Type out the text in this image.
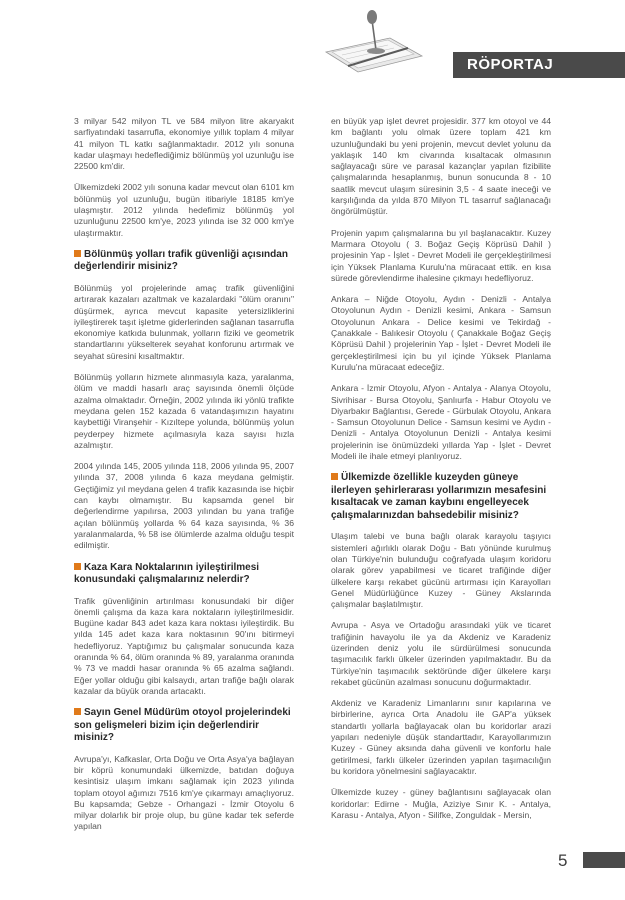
RÖPORTAJ

3 milyar 542 milyon TL ve 584 milyon litre akaryakıt sarfiyatındaki tasarrufla, ekonomiye yıllık toplam 4 milyar 41 milyon TL katkı sağlanmaktadır. 2012 yılı sonuna kadar ulaşmayı hedeflediğimiz bölünmüş yol uzunluğu ise 22500 km'dir.

Ülkemizdeki 2002 yılı sonuna kadar mevcut olan 6101 km bölünmüş yol uzunluğu, bugün itibariyle 18185 km'ye ulaşmıştır. 2012 yılında hedefimiz bölünmüş yol uzunluğunu 22500 km'ye, 2023 yılında ise 32 000 km'ye ulaştırmaktır.

Bölünmüş yolları trafik güvenliği açısından değerlendirir misiniz?

Bölünmüş yol projelerinde amaç trafik güvenliğini artırarak kazaları azaltmak ve kazalardaki "ölüm oranını" düşürmek, ayrıca mevcut kapasite yetersizliklerini iyileştirerek taşıt işletme giderlerinden sağlanan tasarrufla ekonomiye katkıda bulunmak, yolların fiziki ve geometrik standartlarını yükselterek seyahat konforunu artırmak ve seyahat süresini kısaltmaktır.

Bölünmüş yolların hizmete alınmasıyla kaza, yaralanma, ölüm ve maddi hasarlı araç sayısında önemli ölçüde azalma olmaktadır. Örneğin, 2002 yılında iki yönlü trafikte meydana gelen 152 kazada 6 vatandaşımızın hayatını kaybettiği Viranşehir - Kızıltepe yolunda, bölünmüş yolun peyderpey hizmete açılmasıyla kaza sayısı hızla azalmıştır.

2004 yılında 145, 2005 yılında 118, 2006 yılında 95, 2007 yılında 37, 2008 yılında 6 kaza meydana gelmiştir. Geçtiğimiz yıl meydana gelen 4 trafik kazasında ise hiçbir can kaybı olmamıştır. Bu kapsamda genel bir değerlendirme yapılırsa, 2003 yılından bu yana trafiğe açılan bölünmüş yollarda % 64 kaza sayısında, % 36 yaralanmalarda, % 58 ise ölümlerde azalma olduğu tespit edilmiştir.

Kaza Kara Noktalarının iyileştirilmesi konusundaki çalışmalarınız nelerdir?

Trafik güvenliğinin artırılması konusundaki bir diğer önemli çalışma da kaza kara noktaların iyileştirilmesidir. Bugüne kadar 843 adet kaza kara noktası iyileştirdik. Bu yılda 145 adet kaza kara noktasının 90'ını bitirmeyi hedefliyoruz. Yaptığımız bu çalışmalar sonucunda kaza oranında % 64, ölüm oranında % 89, yaralanma oranında % 73 ve maddi hasar oranında % 65 azalma sağlandı. Eğer yollar olduğu gibi kalsaydı, artan trafiğe bağlı olarak kazalar da büyük oranda artacaktı.

Sayın Genel Müdürüm otoyol projelerindeki son gelişmeleri bizim için değerlendirir misiniz?

Avrupa'yı, Kafkaslar, Orta Doğu ve Orta Asya'ya bağlayan bir köprü konumundaki ülkemizde, batıdan doğuya kesintisiz ulaşım imkanı sağlamak için 2023 yılında toplam otoyol ağımızı 7516 km'ye çıkarmayı amaçlıyoruz. Bu kapsamda; Gebze - Orhangazi - İzmir Otoyolu 6 milyar dolarlık bir proje olup, bu güne kadar tek seferde yapılan

en büyük yap işlet devret projesidir. 377 km otoyol ve 44 km bağlantı yolu olmak üzere toplam 421 km uzunluğundaki bu yeni projenin, mevcut devlet yolunu da yaklaşık 140 km civarında kısaltacak olmasının sağlayacağı süre ve parasal kazançlar yapılan fizibilite çalışmalarında hesaplanmış, bunun sonucunda 8 - 10 saatlik mevcut ulaşım süresinin 3,5 - 4 saate ineceği ve karşılığında da yılda 870 Milyon TL tasarruf sağlanacağı öngörülmüştür.

Projenin yapım çalışmalarına bu yıl başlanacaktır. Kuzey Marmara Otoyolu ( 3. Boğaz Geçiş Köprüsü Dahil ) projesinin Yap - İşlet - Devret Modeli ile gerçekleştirilmesi için Yüksek Planlama Kurulu'na müracaat ettik. en kısa sürede görevlendirme ihalesine çıkmayı hedefliyoruz.

Ankara – Niğde Otoyolu, Aydın - Denizli - Antalya Otoyolunun Aydın - Denizli kesimi, Ankara - Samsun Otoyolunun Ankara - Delice kesimi ve Tekirdağ - Çanakkale - Balıkesir Otoyolu ( Çanakkale Boğaz Geçiş Köprüsü Dahil ) projelerinin Yap - İşlet - Devret Modeli ile gerçekleştirilmesi için bu yıl içinde Yüksek Planlama Kurulu'na müracaat edeceğiz.

Ankara - İzmir Otoyolu, Afyon - Antalya - Alanya Otoyolu, Sivrihisar - Bursa Otoyolu, Şanlıurfa - Habur Otoyolu ve Diyarbakır Bağlantısı, Gerede - Gürbulak Otoyolu, Ankara - Samsun Otoyolunun Delice - Samsun kesimi ve Aydın - Denizli - Antalya Otoyolunun Denizli - Antalya kesimi projelerinin ise önümüzdeki yıllarda Yap - İşlet - Devret Modeli ile ihale etmeyi planlıyoruz.

Ülkemizde özellikle kuzeyden güneye ilerleyen şehirlerarası yollarımızın mesafesini kısaltacak ve zaman kaybını engelleyecek çalışmalarınızdan bahsedebilir misiniz?

Ulaşım talebi ve buna bağlı olarak karayolu taşıyıcı sistemleri ağırlıklı olarak Doğu - Batı yönünde kurulmuş olan Türkiye'nin bulunduğu coğrafyada ulaşım koridoru olarak görev yapabilmesi ve ticaret trafiğinde diğer ülkelere karşı rekabet gücünü artırması için Karayolları Genel Müdürlüğünce Kuzey - Güney Akslarında çalışmalar başlatılmıştır.

Avrupa - Asya ve Ortadoğu arasındaki yük ve ticaret trafiğinin havayolu ile ya da Akdeniz ve Karadeniz üzerinden deniz yolu ile sürdürülmesi sonucunda taşımacılık farklı ülkeler üzerinden yapılmaktadır. Bu da Türkiye'nin taşımacılık sektöründe diğer ülkelere karşı rekabet gücünün azalması sonucunu doğurmaktadır.

Akdeniz ve Karadeniz Limanlarını sınır kapılarına ve birbirlerine, ayrıca Orta Anadolu ile GAP'a yüksek standartlı yollarla bağlayacak olan bu koridorlar arazi yapıları nedeniyle düşük standarttadır, Karayollarımızın Kuzey - Güney aksında daha güvenli ve konforlu hale getirilmesi, farklı ülkeler üzerinden yapılan taşımacılığın bu koridora yönelmesini sağlayacaktır.

Ülkemizde kuzey - güney bağlantısını sağlayacak olan koridorlar: Edirne - Muğla, Aziziye Sınır K. - Antalya, Karasu - Antalya, Afyon - Silifke, Zonguldak - Mersin,

5
